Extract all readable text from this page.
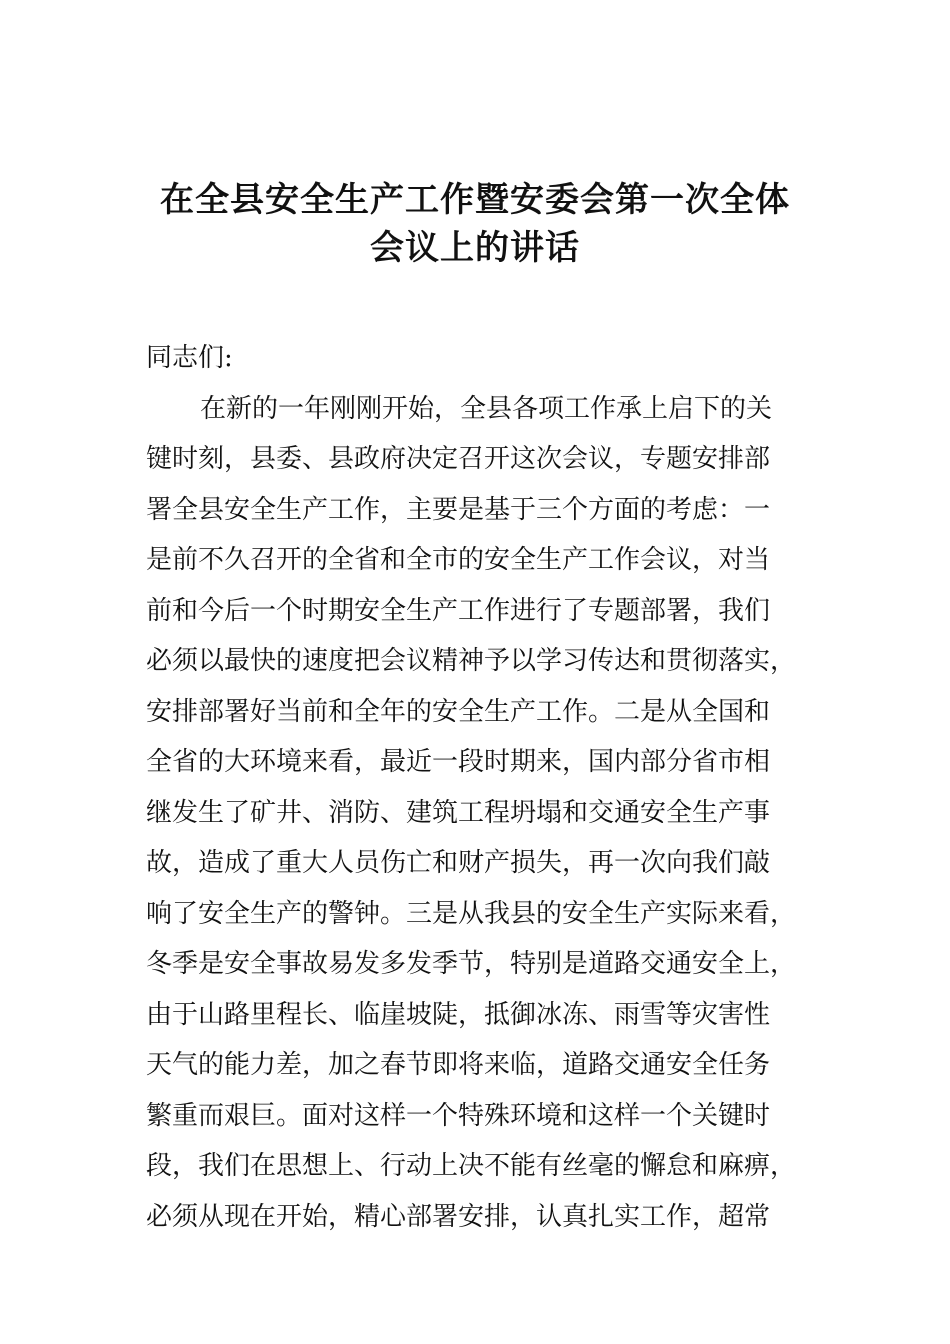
在全县安全生产工作暨安委会第一次全体
会议上的讲话
同志们:
在新的一年刚刚开始，全县各项工作承上启下的关
键时刻，县委、县政府决定召开这次会议，专题安排部
署全县安全生产工作，主要是基于三个方面的考虑：一
是前不久召开的全省和全市的安全生产工作会议，对当
前和今后一个时期安全生产工作进行了专题部署，我们
必须以最快的速度把会议精神予以学习传达和贯彻落实，
安排部署好当前和全年的安全生产工作。二是从全国和
全省的大环境来看，最近一段时期来，国内部分省市相
继发生了矿井、消防、建筑工程坍塌和交通安全生产事
故，造成了重大人员伤亡和财产损失，再一次向我们敲
响了安全生产的警钟。三是从我县的安全生产实际来看，
冬季是安全事故易发多发季节，特别是道路交通安全上，
由于山路里程长、临崖坡陡，抵御冰冻、雨雪等灾害性
天气的能力差，加之春节即将来临，道路交通安全任务
繁重而艰巨。面对这样一个特殊环境和这样一个关键时
段，我们在思想上、行动上决不能有丝毫的懈怠和麻痹，
必须从现在开始，精心部署安排，认真扎实工作，超常
